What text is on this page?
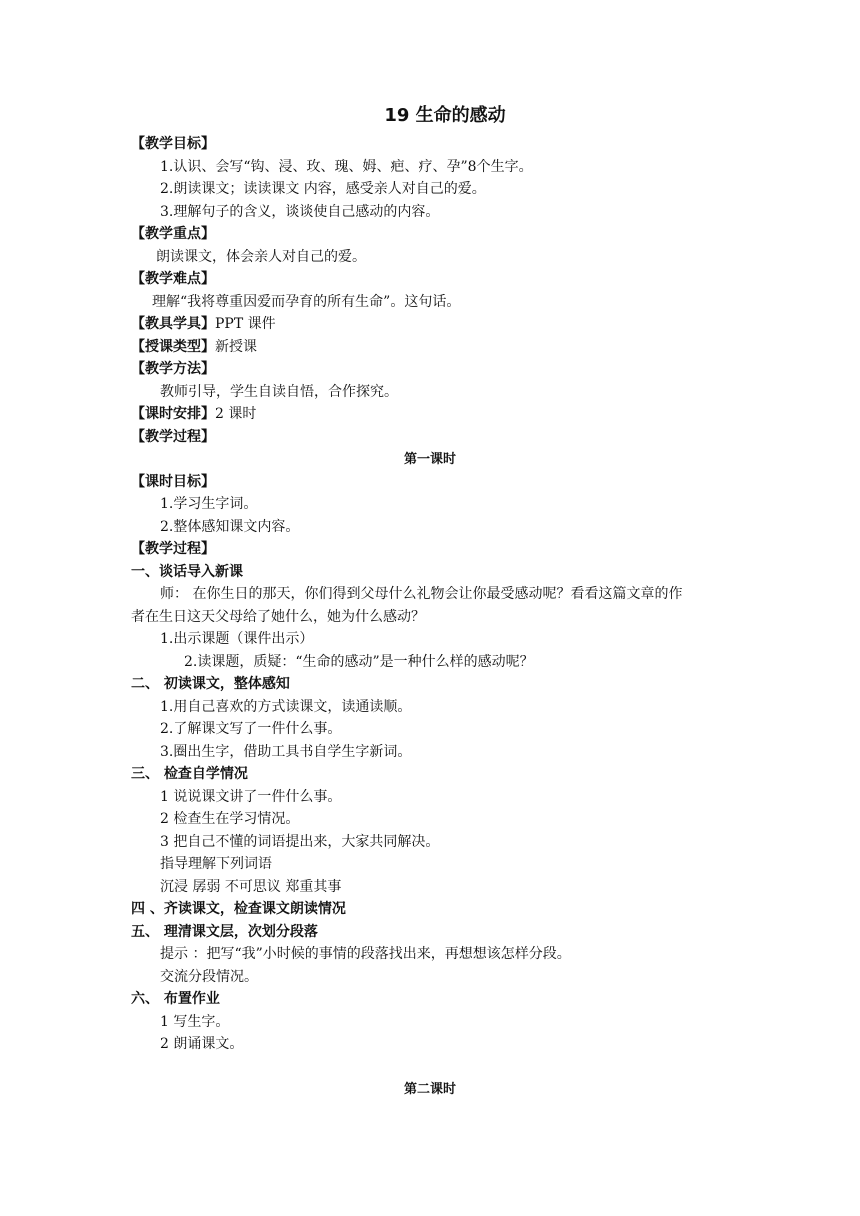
19 生命的感动
【教学目标】
1.认识、会写“钩、浸、玫、瑰、姆、疤、疗、孕”8个生字。
2.朗读课文；读读课文 内容，感受亲人对自己的爱。
3.理解句子的含义，谈谈使自己感动的内容。
【教学重点】
朗读课文，体会亲人对自己的爱。
【教学难点】
理解“我将尊重因爱而孕育的所有生命”。这句话。
【教具学具】PPT 课件
【授课类型】新授课
【教学方法】
教师引导，学生自读自悟，合作探究。
【课时安排】2 课时
【教学过程】
第一课时
【课时目标】
1.学习生字词。
2.整体感知课文内容。
【教学过程】
一、谈话导入新课
师： 在你生日的那天，你们得到父母什么礼物会让你最受感动呢？看看这篇文章的作
者在生日这天父母给了她什么，她为什么感动？
1.出示课题（课件出示）
2.读课题，质疑：“生命的感动”是一种什么样的感动呢？
二、 初读课文，整体感知
1.用自己喜欢的方式读课文，读通读顺。
2.了解课文写了一件什么事。
3.圈出生字，借助工具书自学生字新词。
三、 检查自学情况
1 说说课文讲了一件什么事。
2 检查生在学习情况。
3 把自己不懂的词语提出来，大家共同解决。
指导理解下列词语
沉浸 孱弱 不可思议 郑重其事
四 、齐读课文，检查课文朗读情况
五、 理清课文层，次划分段落
提示 ：把写“我”小时候的事情的段落找出来，再想想该怎样分段。
交流分段情况。
六、 布置作业
1 写生字。
2 朗诵课文。
第二课时
